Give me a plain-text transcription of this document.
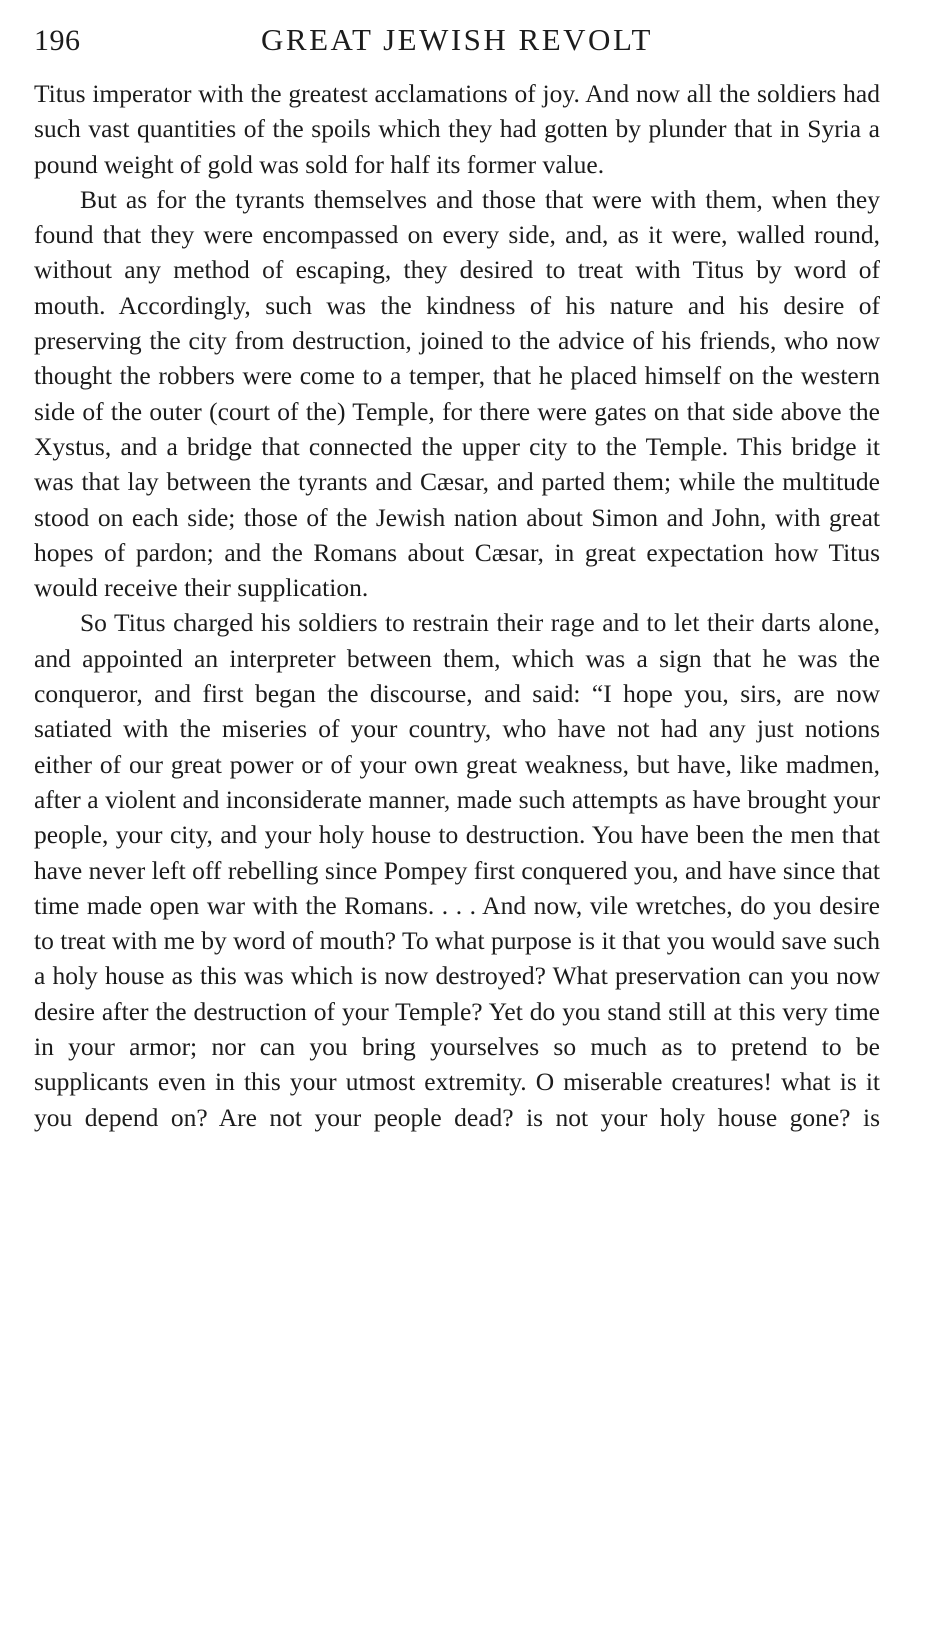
196	GREAT JEWISH REVOLT

Titus imperator with the greatest acclamations of joy. And now all the soldiers had such vast quantities of the spoils which they had gotten by plunder that in Syria a pound weight of gold was sold for half its former value.

But as for the tyrants themselves and those that were with them, when they found that they were encompassed on every side, and, as it were, walled round, without any method of escaping, they desired to treat with Titus by word of mouth. Accordingly, such was the kindness of his nature and his desire of preserving the city from destruction, joined to the advice of his friends, who now thought the robbers were come to a temper, that he placed himself on the western side of the outer (court of the) Temple, for there were gates on that side above the Xystus, and a bridge that connected the upper city to the Temple. This bridge it was that lay between the tyrants and Cæsar, and parted them; while the multitude stood on each side; those of the Jewish nation about Simon and John, with great hopes of pardon; and the Romans about Cæsar, in great expectation how Titus would receive their supplication.

So Titus charged his soldiers to restrain their rage and to let their darts alone, and appointed an interpreter between them, which was a sign that he was the conqueror, and first began the discourse, and said: “I hope you, sirs, are now satiated with the miseries of your country, who have not had any just notions either of our great power or of your own great weakness, but have, like madmen, after a violent and inconsiderate manner, made such attempts as have brought your people, your city, and your holy house to destruction. You have been the men that have never left off rebelling since Pompey first conquered you, and have since that time made open war with the Romans. . . . And now, vile wretches, do you desire to treat with me by word of mouth? To what purpose is it that you would save such a holy house as this was which is now destroyed? What preservation can you now desire after the destruction of your Temple? Yet do you stand still at this very time in your armor; nor can you bring yourselves so much as to pretend to be supplicants even in this your utmost extremity. O miserable creatures! what is it you depend on? Are not your people dead? is not your holy house gone? is
